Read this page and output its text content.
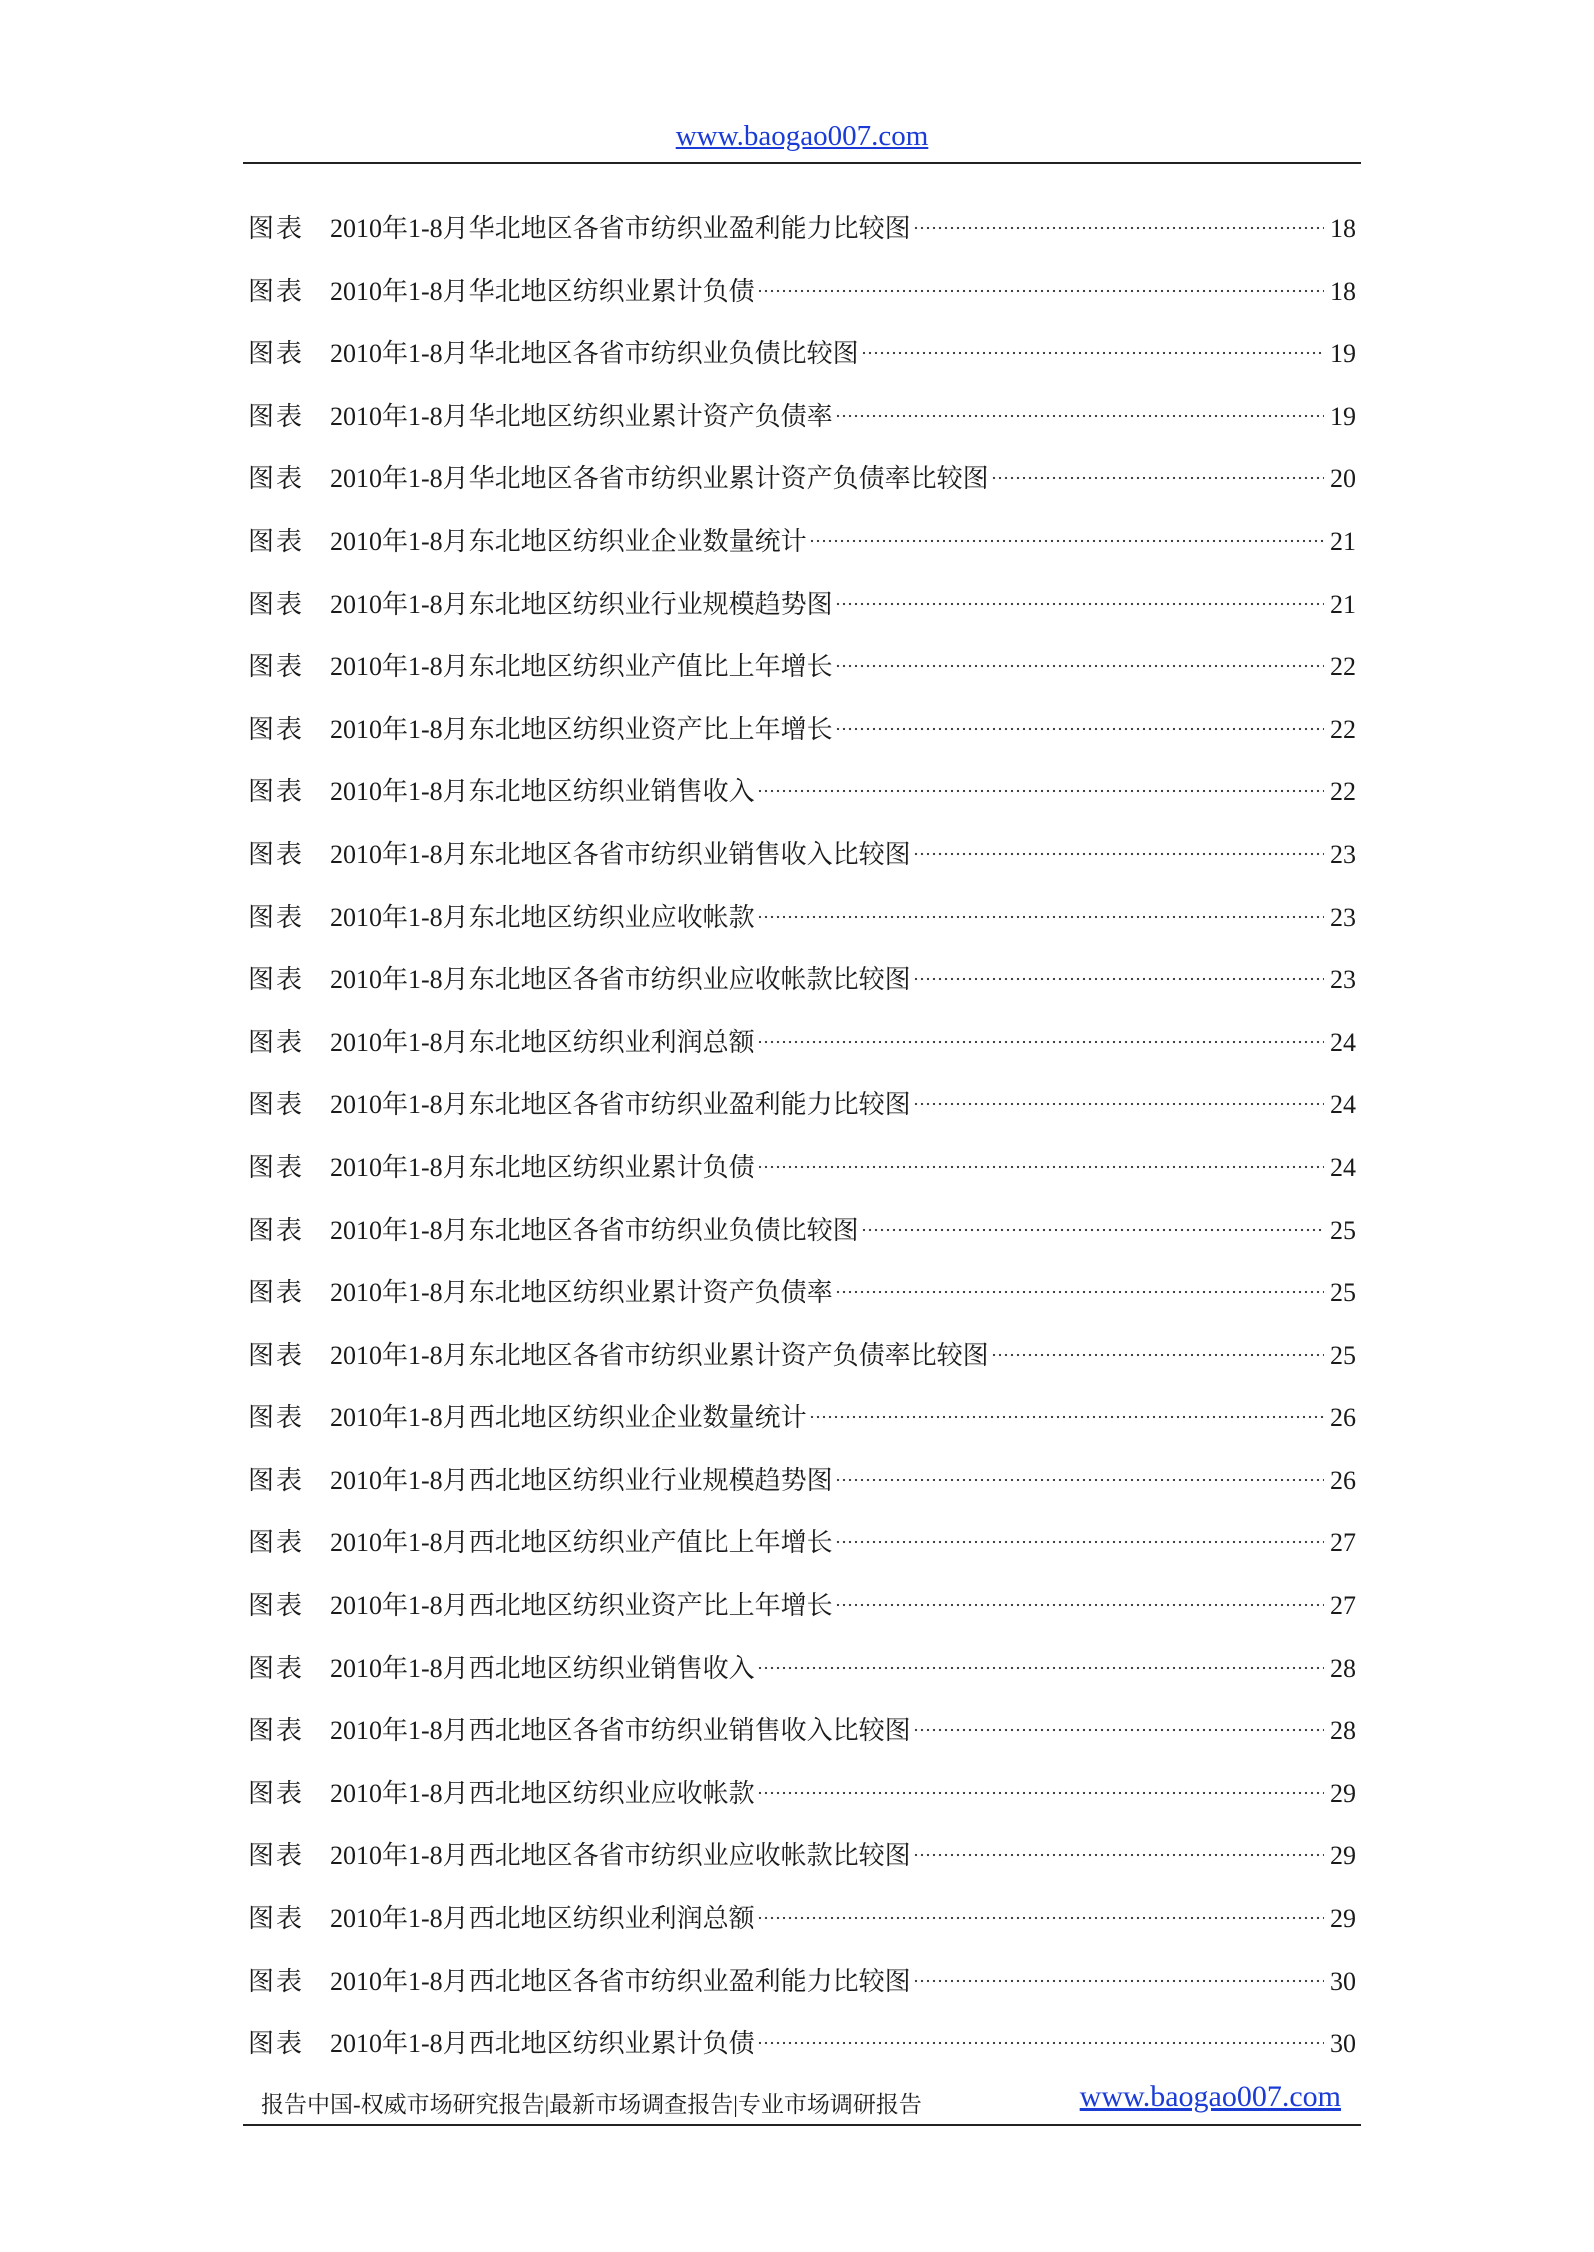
www.baogao007.com
图表 2010年1-8月华北地区各省市纺织业盈利能力比较图	18
图表 2010年1-8月华北地区纺织业累计负债	18
图表 2010年1-8月华北地区各省市纺织业负债比较图	19
图表 2010年1-8月华北地区纺织业累计资产负债率	19
图表 2010年1-8月华北地区各省市纺织业累计资产负债率比较图	20
图表 2010年1-8月东北地区纺织业企业数量统计	21
图表 2010年1-8月东北地区纺织业行业规模趋势图	21
图表 2010年1-8月东北地区纺织业产值比上年增长	22
图表 2010年1-8月东北地区纺织业资产比上年增长	22
图表 2010年1-8月东北地区纺织业销售收入	22
图表 2010年1-8月东北地区各省市纺织业销售收入比较图	23
图表 2010年1-8月东北地区纺织业应收帐款	23
图表 2010年1-8月东北地区各省市纺织业应收帐款比较图	23
图表 2010年1-8月东北地区纺织业利润总额	24
图表 2010年1-8月东北地区各省市纺织业盈利能力比较图	24
图表 2010年1-8月东北地区纺织业累计负债	24
图表 2010年1-8月东北地区各省市纺织业负债比较图	25
图表 2010年1-8月东北地区纺织业累计资产负债率	25
图表 2010年1-8月东北地区各省市纺织业累计资产负债率比较图	25
图表 2010年1-8月西北地区纺织业企业数量统计	26
图表 2010年1-8月西北地区纺织业行业规模趋势图	26
图表 2010年1-8月西北地区纺织业产值比上年增长	27
图表 2010年1-8月西北地区纺织业资产比上年增长	27
图表 2010年1-8月西北地区纺织业销售收入	28
图表 2010年1-8月西北地区各省市纺织业销售收入比较图	28
图表 2010年1-8月西北地区纺织业应收帐款	29
图表 2010年1-8月西北地区各省市纺织业应收帐款比较图	29
图表 2010年1-8月西北地区纺织业利润总额	29
图表 2010年1-8月西北地区各省市纺织业盈利能力比较图	30
图表 2010年1-8月西北地区纺织业累计负债	30
报告中国-权威市场研究报告|最新市场调查报告|专业市场调研报告	www.baogao007.com
